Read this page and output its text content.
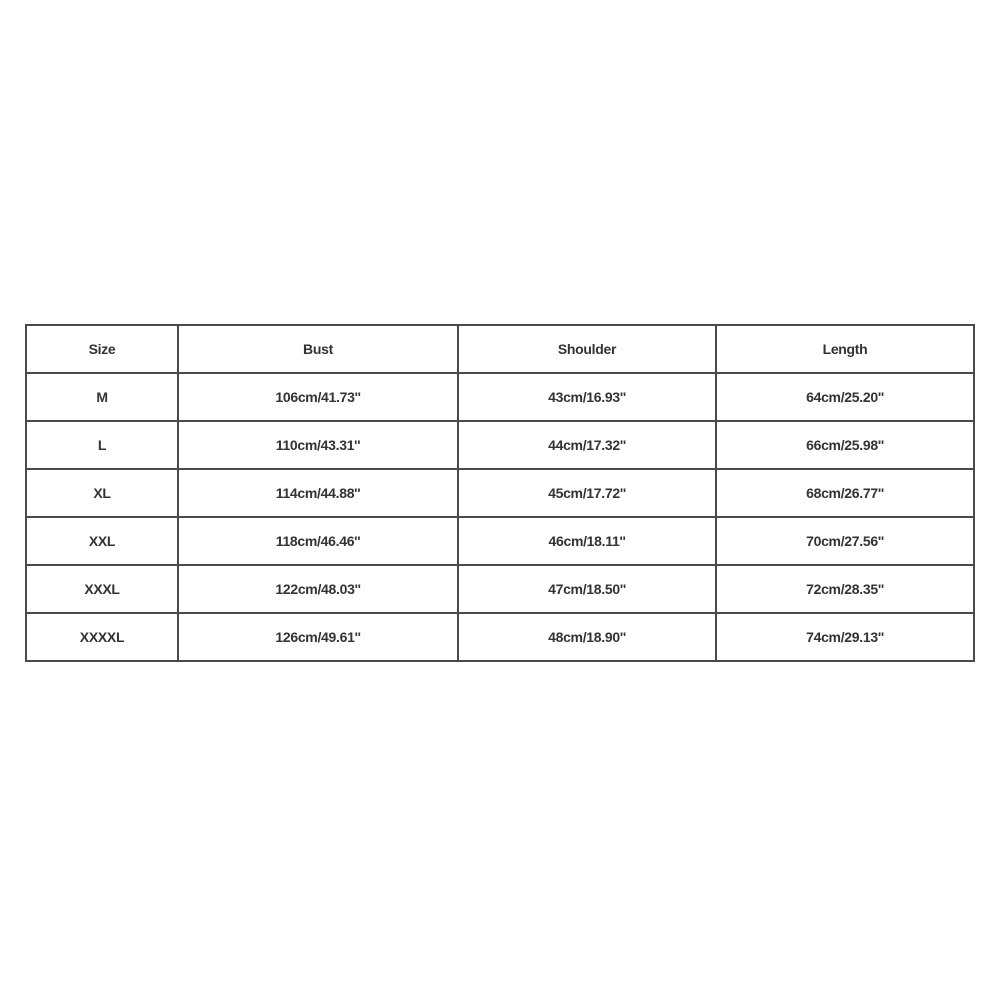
Size	Bust	Shoulder	Length
M	106cm/41.73''	43cm/16.93''	64cm/25.20''
L	110cm/43.31''	44cm/17.32''	66cm/25.98''
XL	114cm/44.88''	45cm/17.72''	68cm/26.77''
XXL	118cm/46.46''	46cm/18.11''	70cm/27.56''
XXXL	122cm/48.03''	47cm/18.50''	72cm/28.35''
XXXXL	126cm/49.61''	48cm/18.90''	74cm/29.13''
